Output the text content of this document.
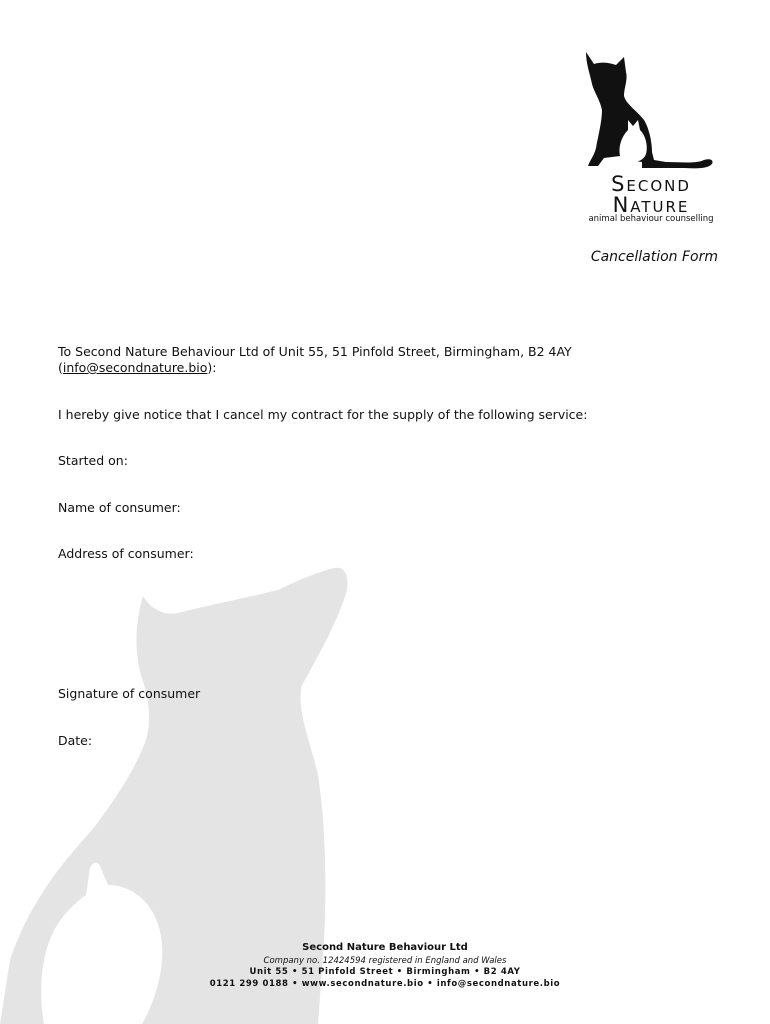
Second
Nature
animal behaviour counselling
Cancellation Form
To Second Nature Behaviour Ltd of Unit 55, 51 Pinfold Street, Birmingham, B2 4AY
(info@secondnature.bio):
I hereby give notice that I cancel my contract for the supply of the following service:
Started on:
Name of consumer:
Address of consumer:
Signature of consumer
Date:
Second Nature Behaviour Ltd
Company no. 12424594 registered in England and Wales
Unit 55 • 51 Pinfold Street • Birmingham • B2 4AY
0121 299 0188 • www.secondnature.bio • info@secondnature.bio
